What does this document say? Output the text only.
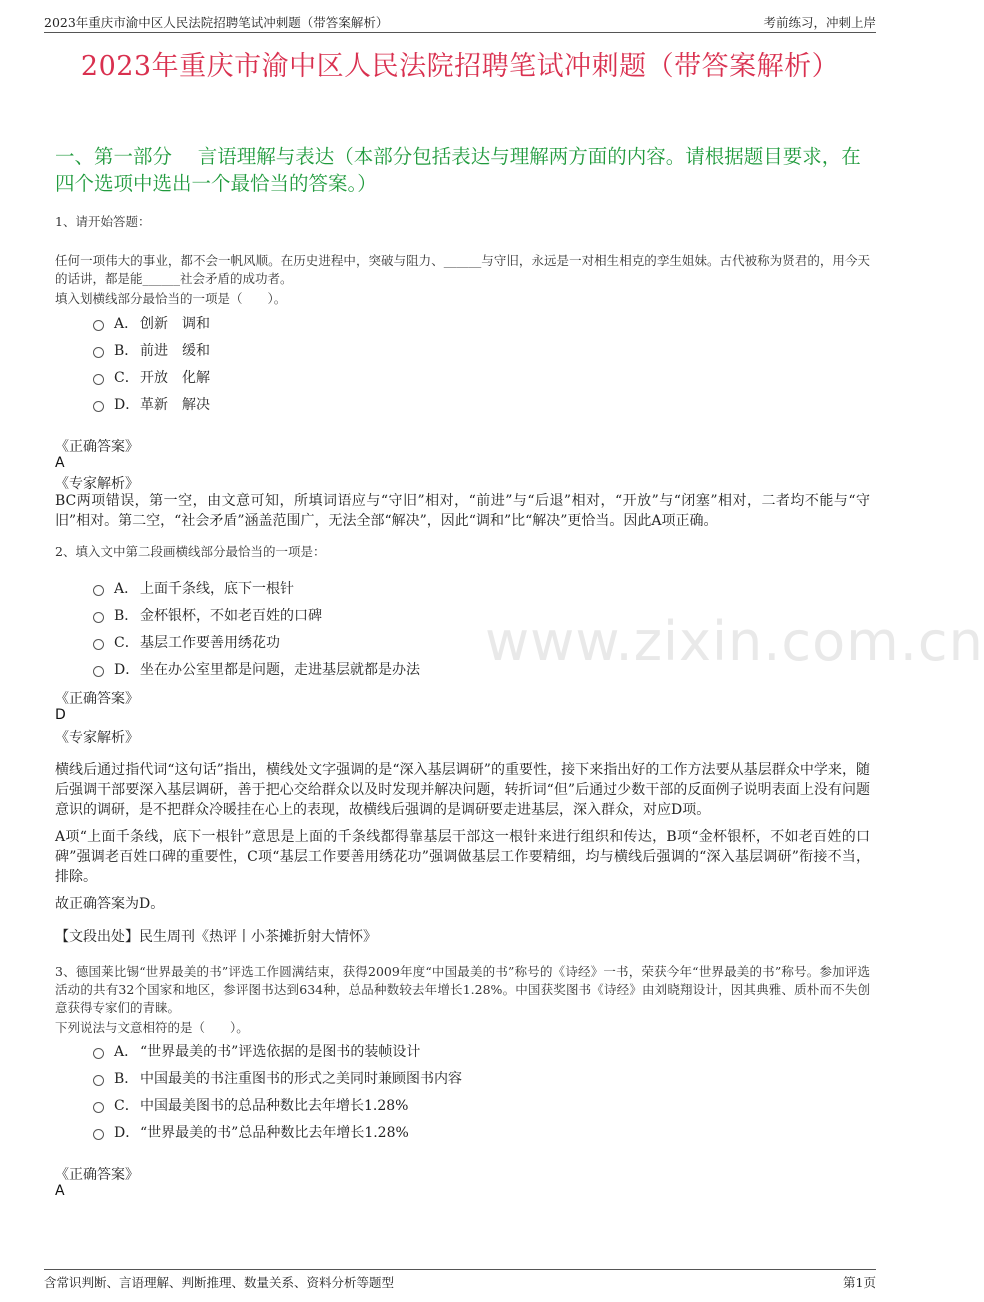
2023年重庆市渝中区人民法院招聘笔试冲刺题（带答案解析）	考前练习，冲刺上岸
www.zixin.com.cn
2023年重庆市渝中区人民法院招聘笔试冲刺题（带答案解析）
一、第一部分　 言语理解与表达（本部分包括表达与理解两方面的内容。请根据题目要求，在四个选项中选出一个最恰当的答案。）
1、请开始答题：
任何一项伟大的事业，都不会一帆风顺。在历史进程中，突破与阻力、______与守旧，永远是一对相生相克的孪生姐妹。古代被称为贤君的，用今天的话讲，都是能______社会矛盾的成功者。
填入划横线部分最恰当的一项是（　　）。
A． 创新　调和
B． 前进　缓和
C． 开放　化解
D． 革新　解决
《正确答案》
A
《专家解析》
BC两项错误，第一空，由文意可知，所填词语应与“守旧”相对，“前进”与“后退”相对，“开放”与“闭塞”相对，二者均不能与“守旧”相对。第二空，“社会矛盾”涵盖范围广，无法全部“解决”，因此“调和”比“解决”更恰当。因此A项正确。
2、填入文中第二段画横线部分最恰当的一项是：
A． 上面千条线，底下一根针
B． 金杯银杯，不如老百姓的口碑
C． 基层工作要善用绣花功
D． 坐在办公室里都是问题，走进基层就都是办法
《正确答案》
D
《专家解析》
横线后通过指代词“这句话”指出，横线处文字强调的是“深入基层调研”的重要性，接下来指出好的工作方法要从基层群众中学来，随后强调干部要深入基层调研，善于把心交给群众以及时发现并解决问题，转折词“但”后通过少数干部的反面例子说明表面上没有问题意识的调研，是不把群众冷暖挂在心上的表现，故横线后强调的是调研要走进基层，深入群众，对应D项。
A项“上面千条线，底下一根针”意思是上面的千条线都得靠基层干部这一根针来进行组织和传达，B项“金杯银杯，不如老百姓的口碑”强调老百姓口碑的重要性，C项“基层工作要善用绣花功”强调做基层工作要精细，均与横线后强调的“深入基层调研”衔接不当，排除。
故正确答案为D。
【文段出处】民生周刊《热评丨小茶摊折射大情怀》
3、德国莱比锡“世界最美的书”评选工作圆满结束，获得2009年度“中国最美的书”称号的《诗经》一书，荣获今年“世界最美的书”称号。参加评选活动的共有32个国家和地区，参评图书达到634种，总品种数较去年增长1.28%。中国获奖图书《诗经》由刘晓翔设计，因其典雅、质朴而不失创意获得专家们的青睐。
下列说法与文意相符的是（　　）。
A． “世界最美的书”评选依据的是图书的装帧设计
B． 中国最美的书注重图书的形式之美同时兼顾图书内容
C． 中国最美图书的总品种数比去年增长1.28%
D． “世界最美的书”总品种数比去年增长1.28%
《正确答案》
A
含常识判断、言语理解、判断推理、数量关系、资料分析等题型	第1页
